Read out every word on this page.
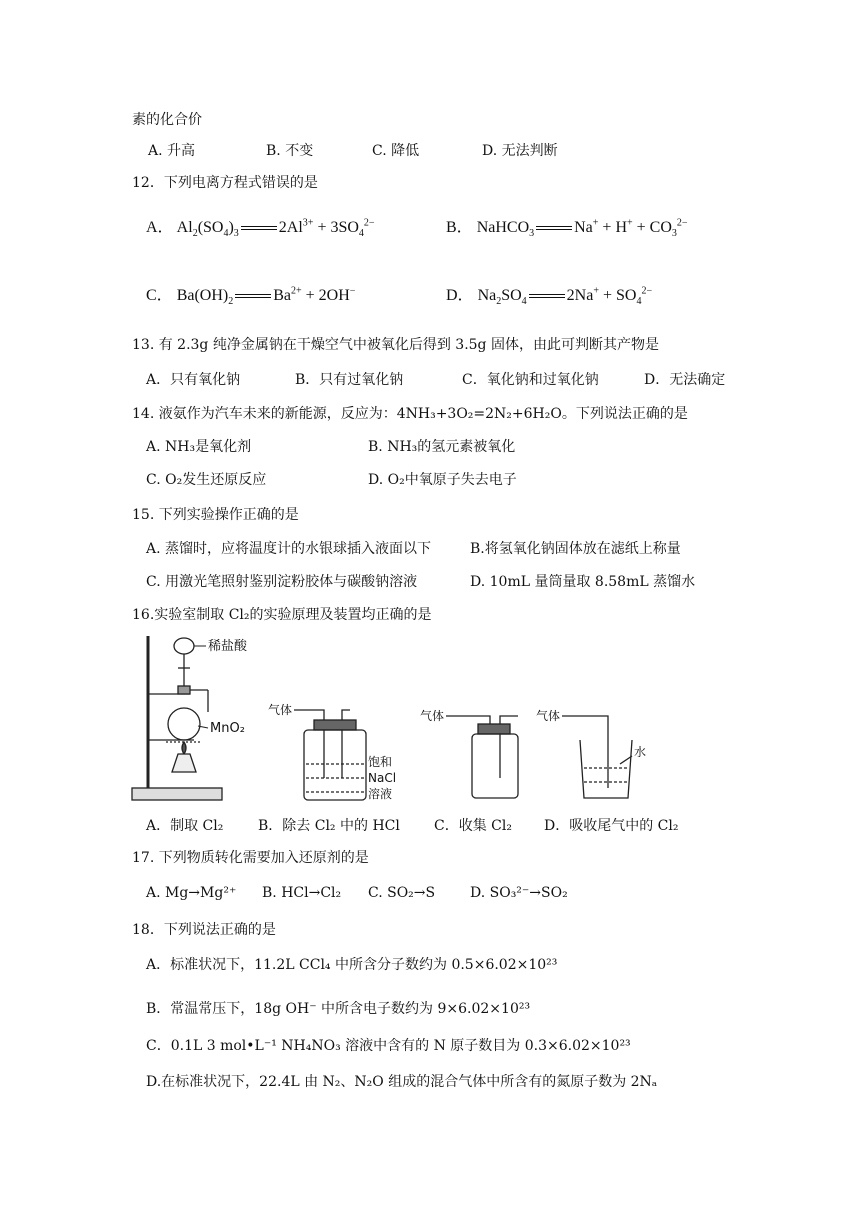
素的化合价
A. 升高	B. 不变	C. 降低	D. 无法判断
12．下列电离方程式错误的是
A． $Al_2(SO_4)_3$	$2Al^{3+} + 3SO_4^{2-}$	B． NaHCO$_3$	$Na^+ + H^+ + CO_3^{2-}$
C． $Ba(OH)_2$	$Ba^{2+} + 2OH^-$	D． $Na_2SO_4$	$2Na^+ + SO_4^{2-}$
13. 有 2.3g 纯净金属钠在干燥空气中被氧化后得到 3.5g 固体，由此可判断其产物是
A．只有氧化钠	B．只有过氧化钠	C．氧化钠和过氧化钠	D．无法确定
14. 液氨作为汽车未来的新能源，反应为：4NH₃+3O₂=2N₂+6H₂O。下列说法正确的是
A. NH₃是氧化剂	B. NH₃的氢元素被氧化
C. O₂发生还原反应	D. O₂中氧原子失去电子
15. 下列实验操作正确的是
A. 蒸馏时，应将温度计的水银球插入液面以下	B.将氢氧化钠固体放在滤纸上称量
C. 用激光笔照射鉴别淀粉胶体与碳酸钠溶液	D. 10mL 量筒量取 8.58mL 蒸馏水
16.实验室制取 Cl₂的实验原理及装置均正确的是
稀盐酸
MnO₂
气体
饱和
NaCl
溶液
气体	气体
水
A．制取 Cl₂ B．除去 Cl₂ 中的 HCl C．收集 Cl₂ D．吸收尾气中的 Cl₂
17. 下列物质转化需要加入还原剂的是
A. Mg→Mg²⁺ B. HCl→Cl₂ C. SO₂→S D. SO₃²⁻→SO₂
18．下列说法正确的是
A．标准状况下，11.2L CCl₄ 中所含分子数约为 0.5×6.02×10²³
B．常温常压下，18g OH⁻ 中所含电子数约为 9×6.02×10²³
C．0.1L 3 mol•L⁻¹ NH₄NO₃ 溶液中含有的 N 原子数目为 0.3×6.02×10²³
D.在标准状况下，22.4L 由 N₂、N₂O 组成的混合气体中所含有的氮原子数为 2Nₐ
